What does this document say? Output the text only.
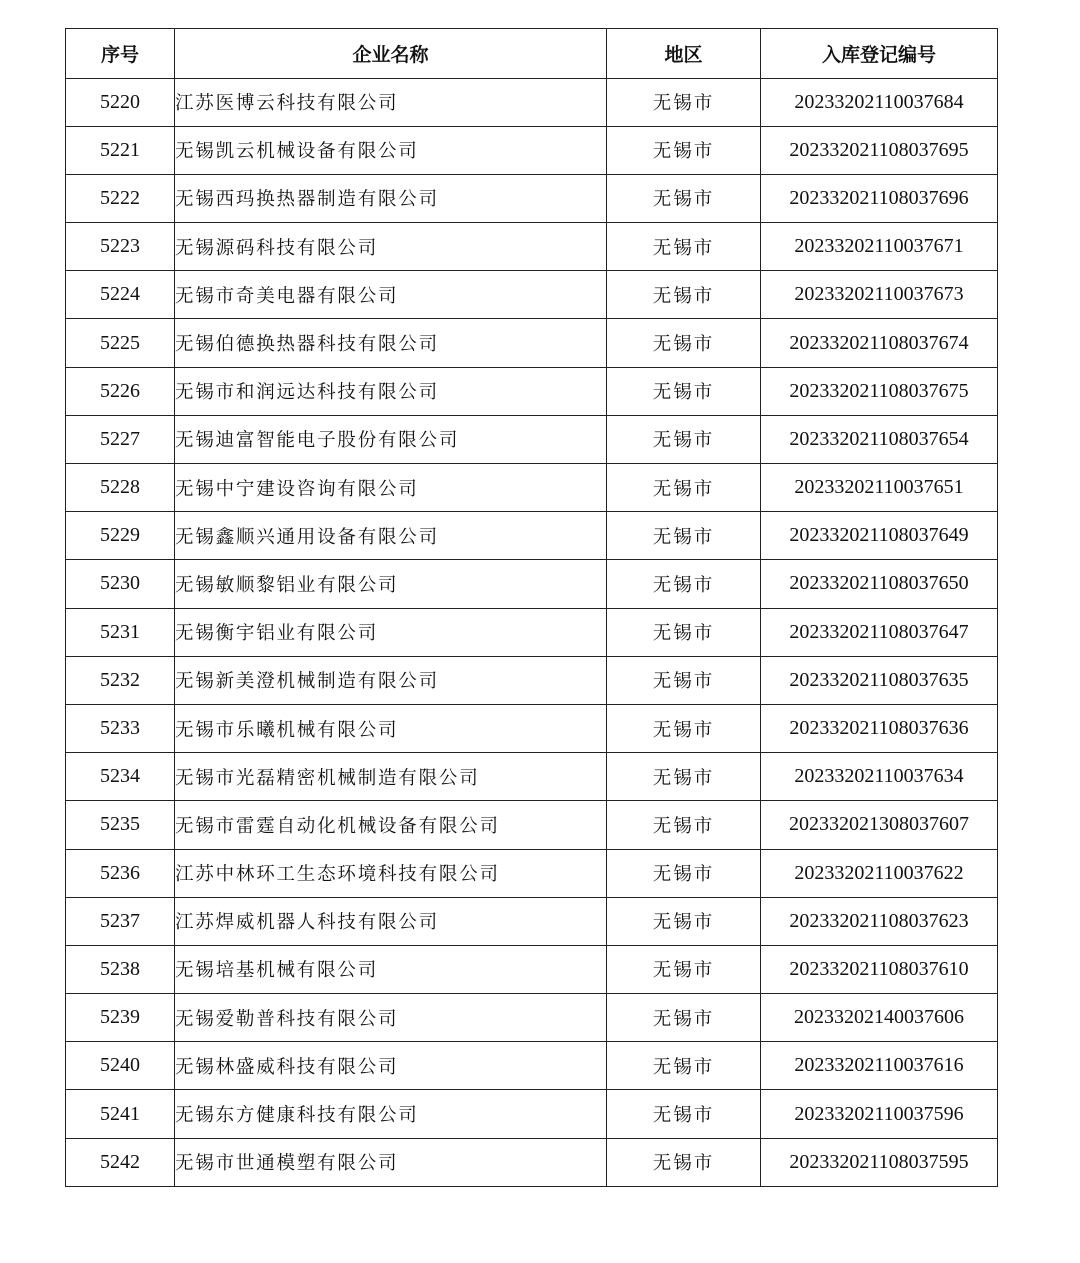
序号	企业名称	地区	入库登记编号
5220	江苏医博云科技有限公司	无锡市	20233202110037684
5221	无锡凯云机械设备有限公司	无锡市	202332021108037695
5222	无锡西玛换热器制造有限公司	无锡市	202332021108037696
5223	无锡源码科技有限公司	无锡市	20233202110037671
5224	无锡市奇美电器有限公司	无锡市	20233202110037673
5225	无锡伯德换热器科技有限公司	无锡市	202332021108037674
5226	无锡市和润远达科技有限公司	无锡市	202332021108037675
5227	无锡迪富智能电子股份有限公司	无锡市	202332021108037654
5228	无锡中宁建设咨询有限公司	无锡市	20233202110037651
5229	无锡鑫顺兴通用设备有限公司	无锡市	202332021108037649
5230	无锡敏顺黎铝业有限公司	无锡市	202332021108037650
5231	无锡衡宇铝业有限公司	无锡市	202332021108037647
5232	无锡新美澄机械制造有限公司	无锡市	202332021108037635
5233	无锡市乐曦机械有限公司	无锡市	202332021108037636
5234	无锡市光磊精密机械制造有限公司	无锡市	20233202110037634
5235	无锡市雷霆自动化机械设备有限公司	无锡市	202332021308037607
5236	江苏中林环工生态环境科技有限公司	无锡市	20233202110037622
5237	江苏焊威机器人科技有限公司	无锡市	202332021108037623
5238	无锡培基机械有限公司	无锡市	202332021108037610
5239	无锡爱勒普科技有限公司	无锡市	20233202140037606
5240	无锡林盛威科技有限公司	无锡市	20233202110037616
5241	无锡东方健康科技有限公司	无锡市	20233202110037596
5242	无锡市世通模塑有限公司	无锡市	202332021108037595
